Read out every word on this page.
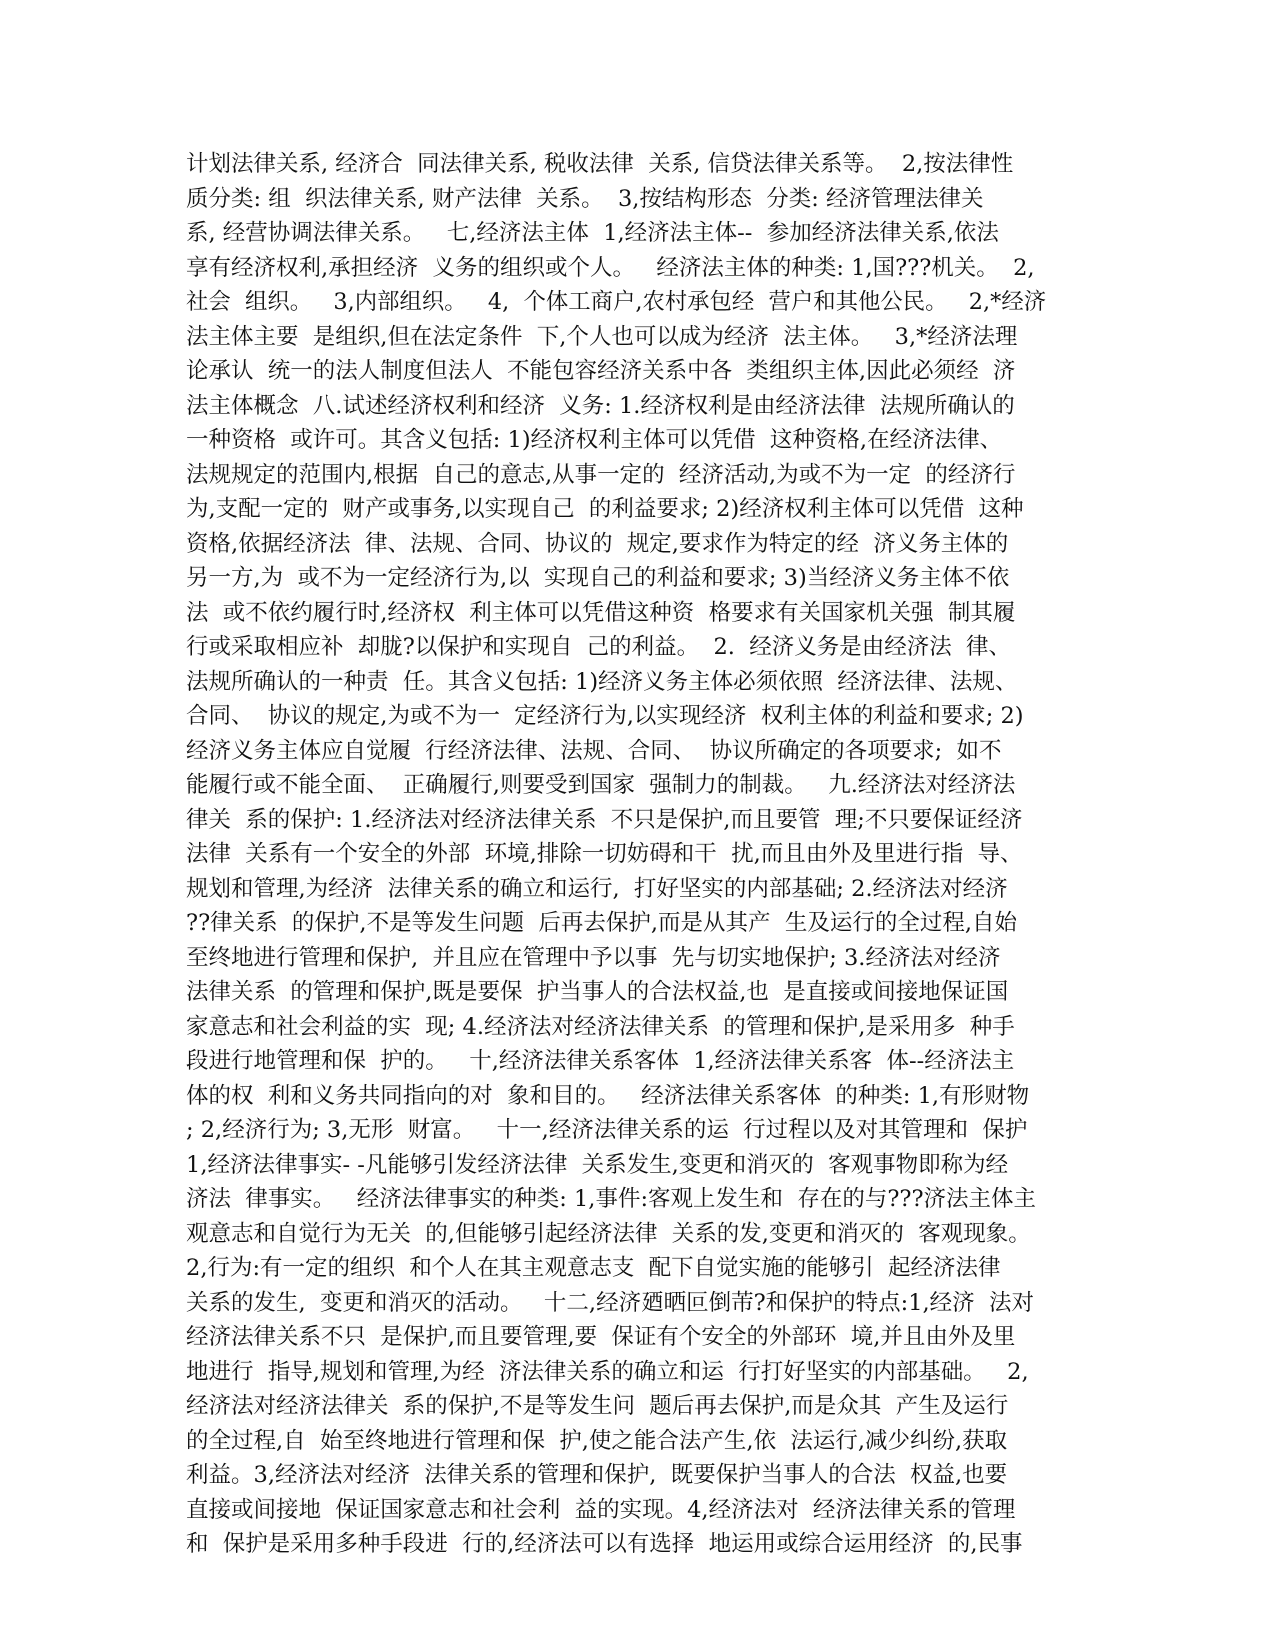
计划法律关系, 经济合  同法律关系, 税收法律  关系, 信贷法律关系等。  2,按法律性
质分类: 组  织法律关系, 财产法律  关系。  3,按结构形态  分类: 经济管理法律关
系, 经营协调法律关系。   七,经济法主体  1,经济法主体--  参加经济法律关系,依法
享有经济权利,承担经济  义务的组织或个人。   经济法主体的种类: 1,国???机关。  2,
社会  组织。   3,内部组织。   4,  个体工商户,农村承包经  营户和其他公民。   2,*经济
法主体主要  是组织,但在法定条件  下,个人也可以成为经济  法主体。   3,*经济法理
论承认  统一的法人制度但法人  不能包容经济关系中各  类组织主体,因此必须经  济
法主体概念  八.试述经济权利和经济  义务: 1.经济权利是由经济法律  法规所确认的
一种资格  或许可。其含义包括: 1)经济权利主体可以凭借  这种资格,在经济法律、
法规规定的范围内,根据  自己的意志,从事一定的  经济活动,为或不为一定  的经济行
为,支配一定的  财产或事务,以实现自己  的利益要求; 2)经济权利主体可以凭借  这种
资格,依据经济法  律、法规、合同、协议的  规定,要求作为特定的经  济义务主体的
另一方,为  或不为一定经济行为,以  实现自己的利益和要求; 3)当经济义务主体不依
法  或不依约履行时,经济权  利主体可以凭借这种资  格要求有关国家机关强  制其履
行或采取相应补  却胧?以保护和实现自  己的利益。  2.  经济义务是由经济法  律、
法规所确认的一种责  任。其含义包括: 1)经济义务主体必须依照  经济法律、法规、
合同、  协议的规定,为或不为一  定经济行为,以实现经济  权利主体的利益和要求; 2)
经济义务主体应自觉履  行经济法律、法规、合同、  协议所确定的各项要求;  如不
能履行或不能全面、  正确履行,则要受到国家  强制力的制裁。   九.经济法对经济法
律关  系的保护: 1.经济法对经济法律关系  不只是保护,而且要管  理;不只要保证经济
法律  关系有一个安全的外部  环境,排除一切妨碍和干  扰,而且由外及里进行指  导、
规划和管理,为经济  法律关系的确立和运行,  打好坚实的内部基础; 2.经济法对经济
??律关系  的保护,不是等发生问题  后再去保护,而是从其产  生及运行的全过程,自始
至终地进行管理和保护,  并且应在管理中予以事  先与切实地保护; 3.经济法对经济
法律关系  的管理和保护,既是要保  护当事人的合法权益,也  是直接或间接地保证国
家意志和社会利益的实  现; 4.经济法对经济法律关系  的管理和保护,是采用多  种手
段进行地管理和保  护的。   十,经济法律关系客体  1,经济法律关系客  体--经济法主
体的权  利和义务共同指向的对  象和目的。   经济法律关系客体  的种类: 1,有形财物
; 2,经济行为; 3,无形  财富。   十一,经济法律关系的运  行过程以及对其管理和  保护
1,经济法律事实- -凡能够引发经济法律  关系发生,变更和消灭的  客观事物即称为经
济法  律事实。   经济法律事实的种类: 1,事件:客观上发生和  存在的与???济法主体主
观意志和自觉行为无关  的,但能够引起经济法律  关系的发,变更和消灭的  客观现象。
2,行为:有一定的组织  和个人在其主观意志支  配下自觉实施的能够引  起经济法律
关系的发生,  变更和消灭的活动。   十二,经济廼晒叵倒芾?和保护的特点:1,经济  法对
经济法律关系不只  是保护,而且要管理,要  保证有个安全的外部环  境,并且由外及里
地进行  指导,规划和管理,为经  济法律关系的确立和运  行打好坚实的内部基础。   2,
经济法对经济法律关  系的保护,不是等发生问  题后再去保护,而是众其  产生及运行
的全过程,自  始至终地进行管理和保  护,使之能合法产生,依  法运行,减少纠纷,获取
利益。3,经济法对经济  法律关系的管理和保护,  既要保护当事人的合法  权益,也要
直接或间接地  保证国家意志和社会利  益的实现。4,经济法对  经济法律关系的管理
和  保护是采用多种手段进  行的,经济法可以有选择  地运用或综合运用经济  的,民事
